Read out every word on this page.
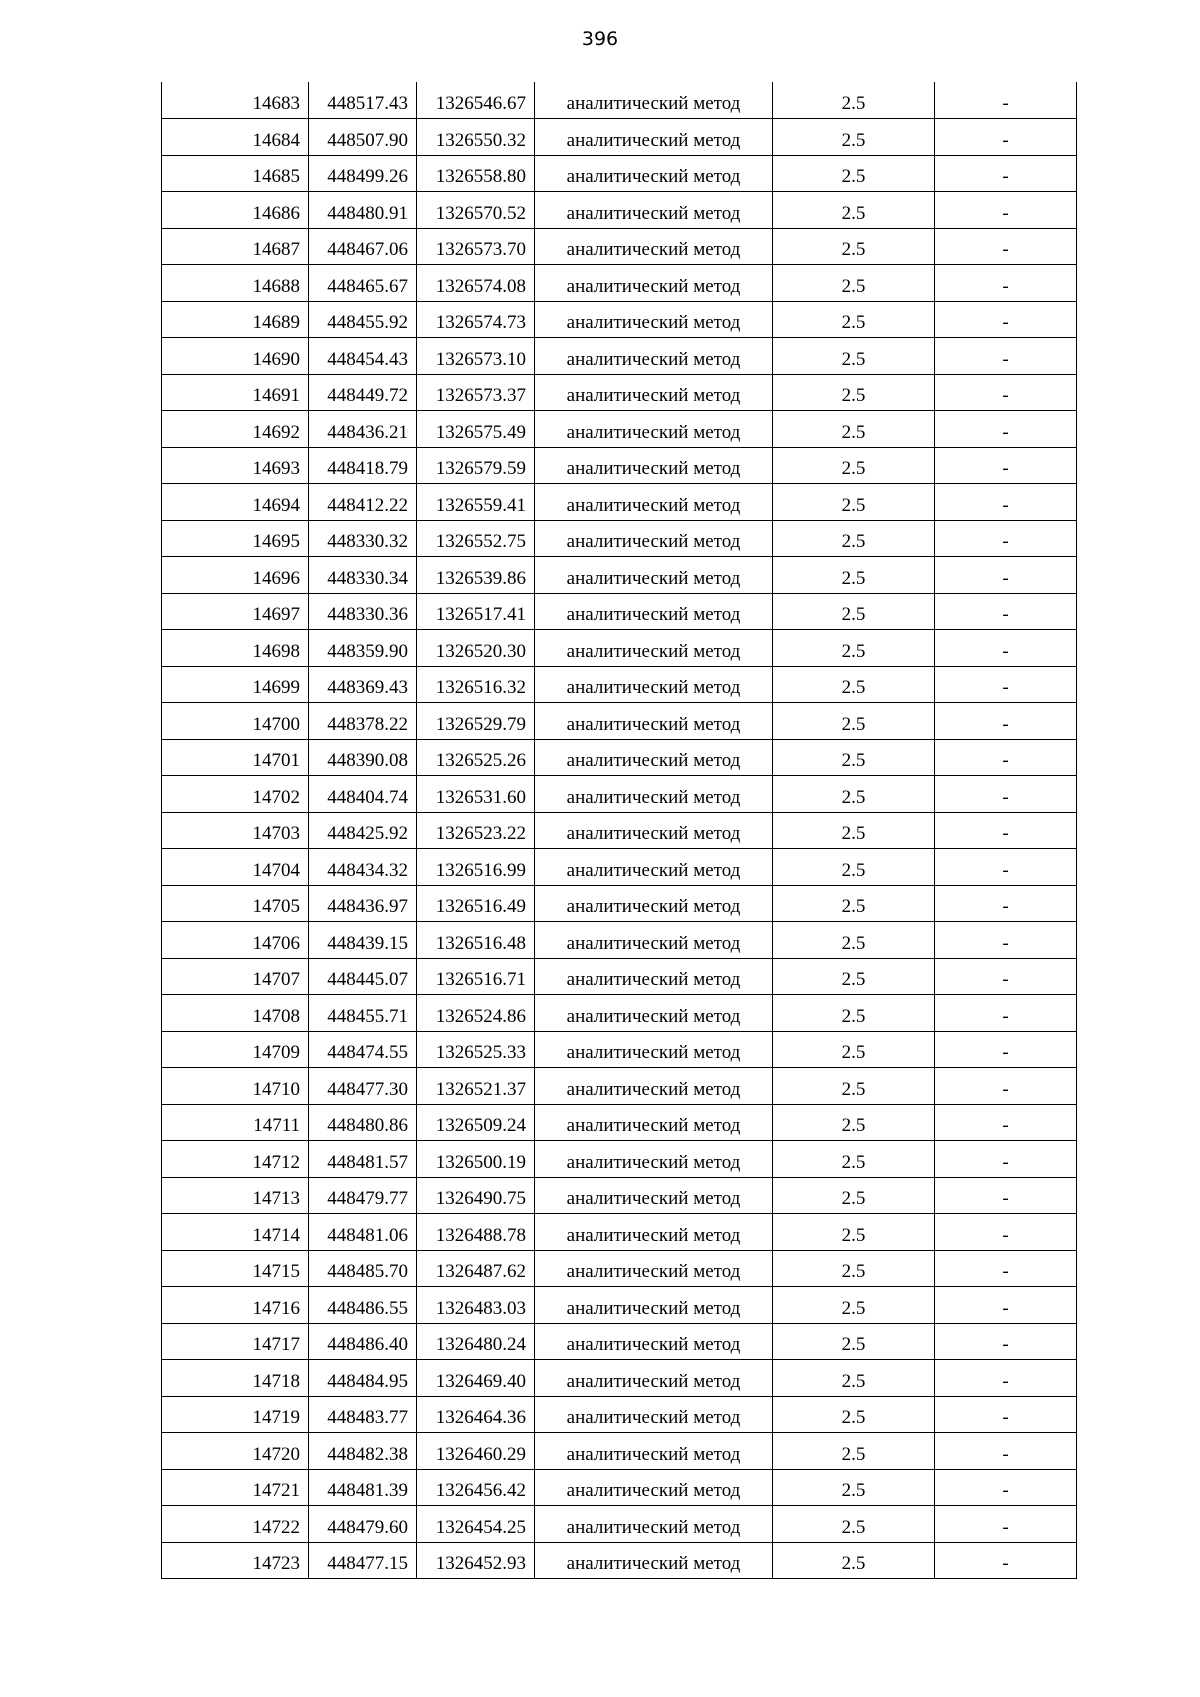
396
14683	448517.43	1326546.67	аналитический метод	2.5	-
14684	448507.90	1326550.32	аналитический метод	2.5	-
14685	448499.26	1326558.80	аналитический метод	2.5	-
14686	448480.91	1326570.52	аналитический метод	2.5	-
14687	448467.06	1326573.70	аналитический метод	2.5	-
14688	448465.67	1326574.08	аналитический метод	2.5	-
14689	448455.92	1326574.73	аналитический метод	2.5	-
14690	448454.43	1326573.10	аналитический метод	2.5	-
14691	448449.72	1326573.37	аналитический метод	2.5	-
14692	448436.21	1326575.49	аналитический метод	2.5	-
14693	448418.79	1326579.59	аналитический метод	2.5	-
14694	448412.22	1326559.41	аналитический метод	2.5	-
14695	448330.32	1326552.75	аналитический метод	2.5	-
14696	448330.34	1326539.86	аналитический метод	2.5	-
14697	448330.36	1326517.41	аналитический метод	2.5	-
14698	448359.90	1326520.30	аналитический метод	2.5	-
14699	448369.43	1326516.32	аналитический метод	2.5	-
14700	448378.22	1326529.79	аналитический метод	2.5	-
14701	448390.08	1326525.26	аналитический метод	2.5	-
14702	448404.74	1326531.60	аналитический метод	2.5	-
14703	448425.92	1326523.22	аналитический метод	2.5	-
14704	448434.32	1326516.99	аналитический метод	2.5	-
14705	448436.97	1326516.49	аналитический метод	2.5	-
14706	448439.15	1326516.48	аналитический метод	2.5	-
14707	448445.07	1326516.71	аналитический метод	2.5	-
14708	448455.71	1326524.86	аналитический метод	2.5	-
14709	448474.55	1326525.33	аналитический метод	2.5	-
14710	448477.30	1326521.37	аналитический метод	2.5	-
14711	448480.86	1326509.24	аналитический метод	2.5	-
14712	448481.57	1326500.19	аналитический метод	2.5	-
14713	448479.77	1326490.75	аналитический метод	2.5	-
14714	448481.06	1326488.78	аналитический метод	2.5	-
14715	448485.70	1326487.62	аналитический метод	2.5	-
14716	448486.55	1326483.03	аналитический метод	2.5	-
14717	448486.40	1326480.24	аналитический метод	2.5	-
14718	448484.95	1326469.40	аналитический метод	2.5	-
14719	448483.77	1326464.36	аналитический метод	2.5	-
14720	448482.38	1326460.29	аналитический метод	2.5	-
14721	448481.39	1326456.42	аналитический метод	2.5	-
14722	448479.60	1326454.25	аналитический метод	2.5	-
14723	448477.15	1326452.93	аналитический метод	2.5	-
